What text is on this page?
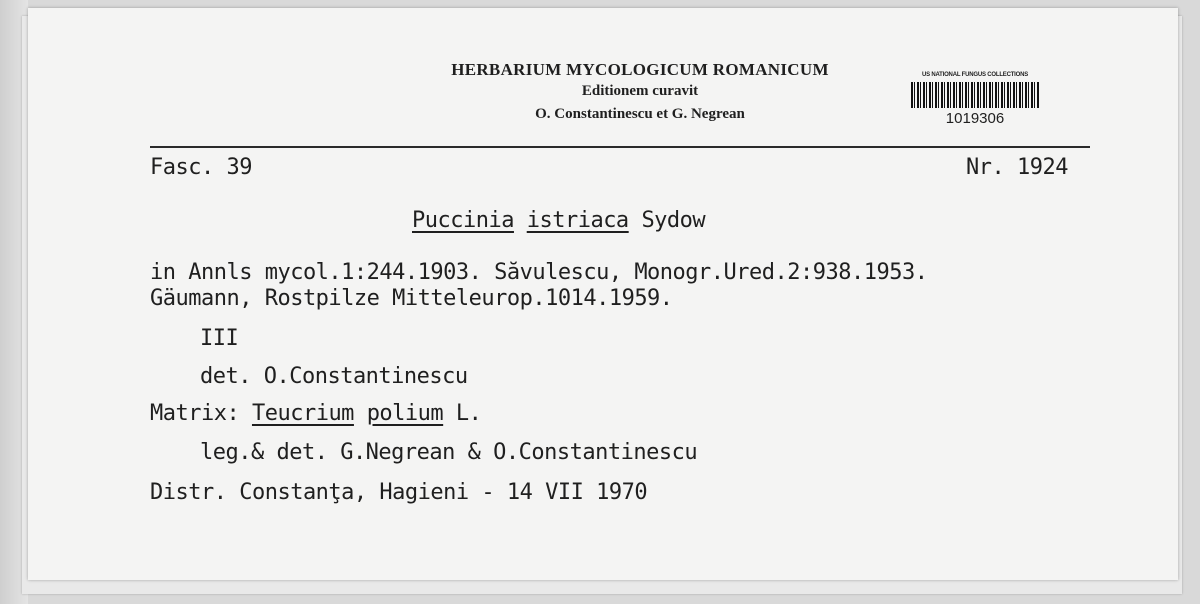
HERBARIUM MYCOLOGICUM ROMANICUM
Editionem curavit
O. Constantinescu et G. Negrean
US NATIONAL FUNGUS COLLECTIONS
1019306
Fasc. 39	Nr. 1924
Puccinia istriaca Sydow
in Annls mycol.1:244.1903. Săvulescu, Monogr.Ured.2:938.1953.
Gäumann, Rostpilze Mitteleurop.1014.1959.
III
det. O.Constantinescu
Matrix: Teucrium polium L.
leg.& det. G.Negrean & O.Constantinescu
Distr. Constanţa, Hagieni - 14 VII 1970
